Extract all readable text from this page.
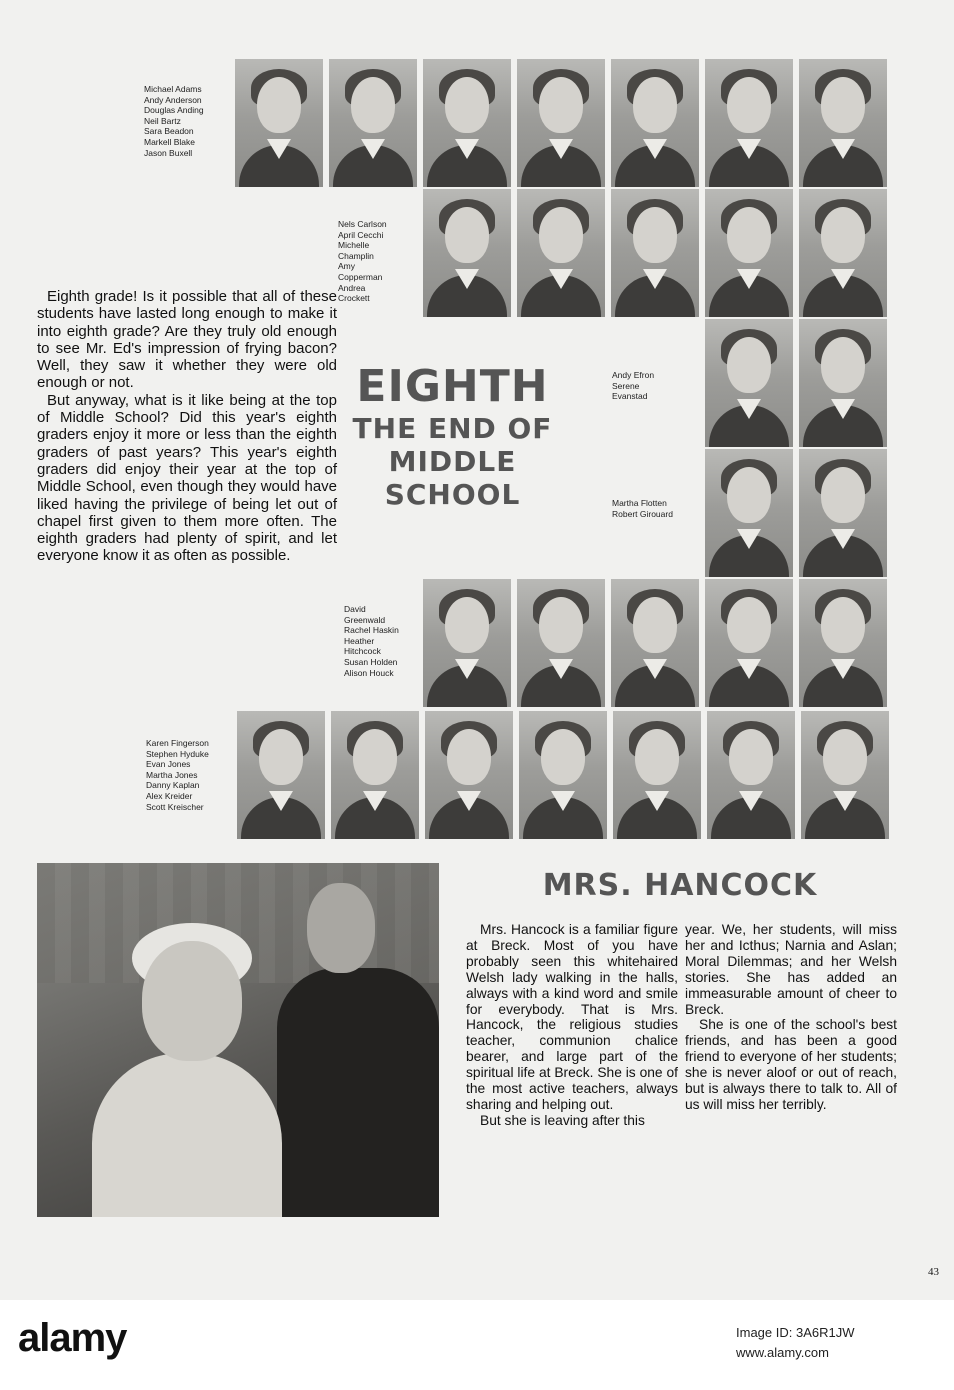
Michael Adams
Andy Anderson
Douglas Anding
Neil Bartz
Sara Beadon
Markell Blake
Jason Buxell
Nels Carlson
April Cecchi
Michelle
Champlin
Amy
Copperman
Andrea
Crockett
Andy Efron
Serene
Evanstad
Martha Flotten
Robert Girouard
David
Greenwald
Rachel Haskin
Heather
Hitchcock
Susan Holden
Alison Houck
Karen Fingerson
Stephen Hyduke
Evan Jones
Martha Jones
Danny Kaplan
Alex Kreider
Scott Kreischer

Eighth grade! Is it possible that all of these students have lasted long enough to make it into eighth grade? Are they truly old enough to see Mr. Ed's impression of frying bacon? Well, they saw it whether they were old enough or not.

But anyway, what is it like being at the top of Middle School? Did this year's eighth graders enjoy it more or less than the eighth graders of past years? This year's eighth graders did enjoy their year at the top of Middle School, even though they would have liked having the privilege of being let out of chapel first given to them more often. The eighth graders had plenty of spirit, and let everyone know it as often as possible.

EIGHTH
THE END OF
MIDDLE
SCHOOL
MRS. HANCOCK

Mrs. Hancock is a familiar figure at Breck. Most of you have probably seen this whitehaired Welsh lady walking in the halls, always with a kind word and smile for everybody. That is Mrs. Hancock, the religious studies teacher, communion chalice bearer, and large part of the spiritual life at Breck. She is one of the most active teachers, always sharing and helping out.

But she is leaving after this

year. We, her students, will miss her and Icthus; Narnia and Aslan; Moral Dilemmas; and her Welsh stories. She has added an immeasurable amount of cheer to Breck.

She is one of the school's best friends, and has been a good friend to everyone of her students; she is never aloof or out of reach, but is always there to talk to. All of us will miss her terribly.

43
alamy	Image ID: 3A6R1JW
www.alamy.com
